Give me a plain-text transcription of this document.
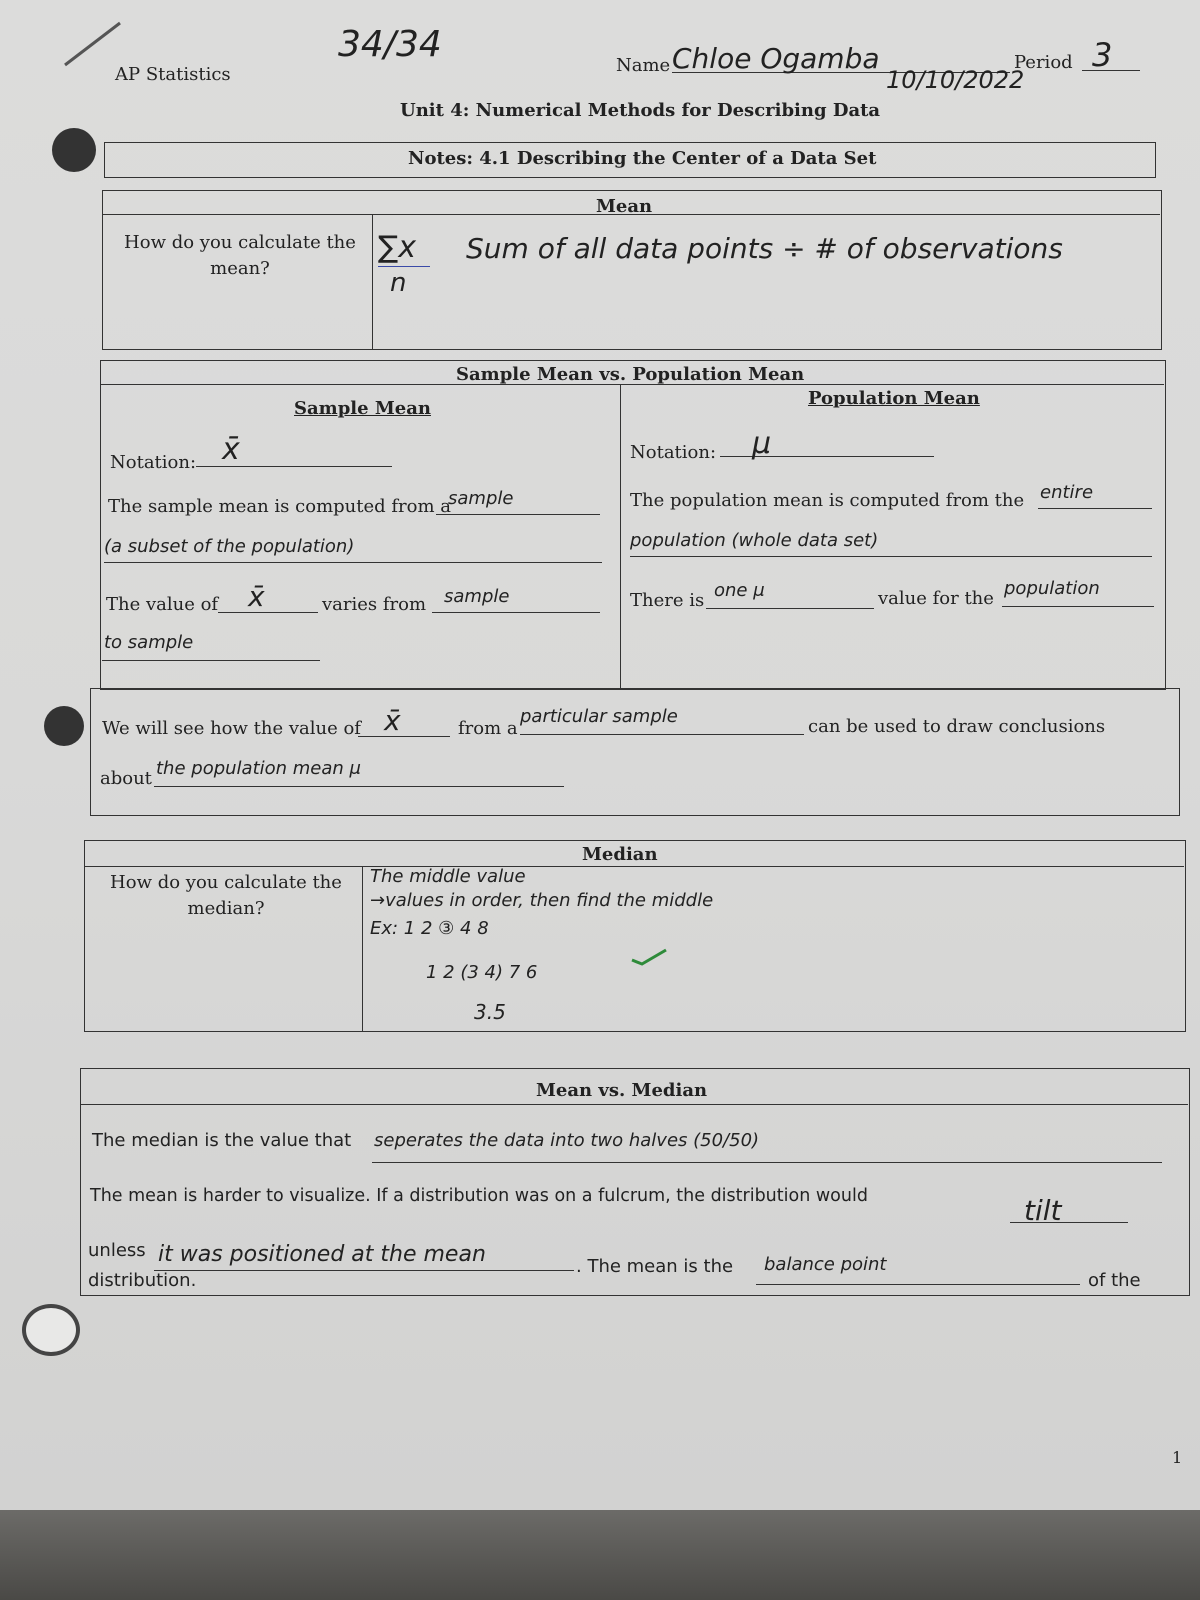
AP Statistics
34/34
Name Chloe Ogamba
10/10/2022
Period 3
Unit 4: Numerical Methods for Describing Data
Notes: 4.1 Describing the Center of a Data Set
Mean
How do you calculate the mean?
∑x
n
Sum of all data points ÷ # of observations
Sample Mean vs. Population Mean
Sample Mean	Population Mean
Notation: x̄
The sample mean is computed from a
sample
(a subset of the population)
The value of x̄	varies from sample
to sample
Notation: μ
The population mean is computed from the entire
population (whole data set)
There is one μ	value for the population
We will see how the value of x̄	from a
particular sample	can be used to draw conclusions
about the population mean μ
Median
How do you calculate the median?
The middle value
→values in order, then find the middle
Ex: 1 2 ③ 4 8
1 2 (3 4) 7 6
3.5
Mean vs. Median
The median is the value that seperates the data into two halves (50/50)
The mean is harder to visualize. If a distribution was on a fulcrum, the distribution would	tilt
unless it was positioned at the mean	. The mean is the balance point
of the
distribution.
1
